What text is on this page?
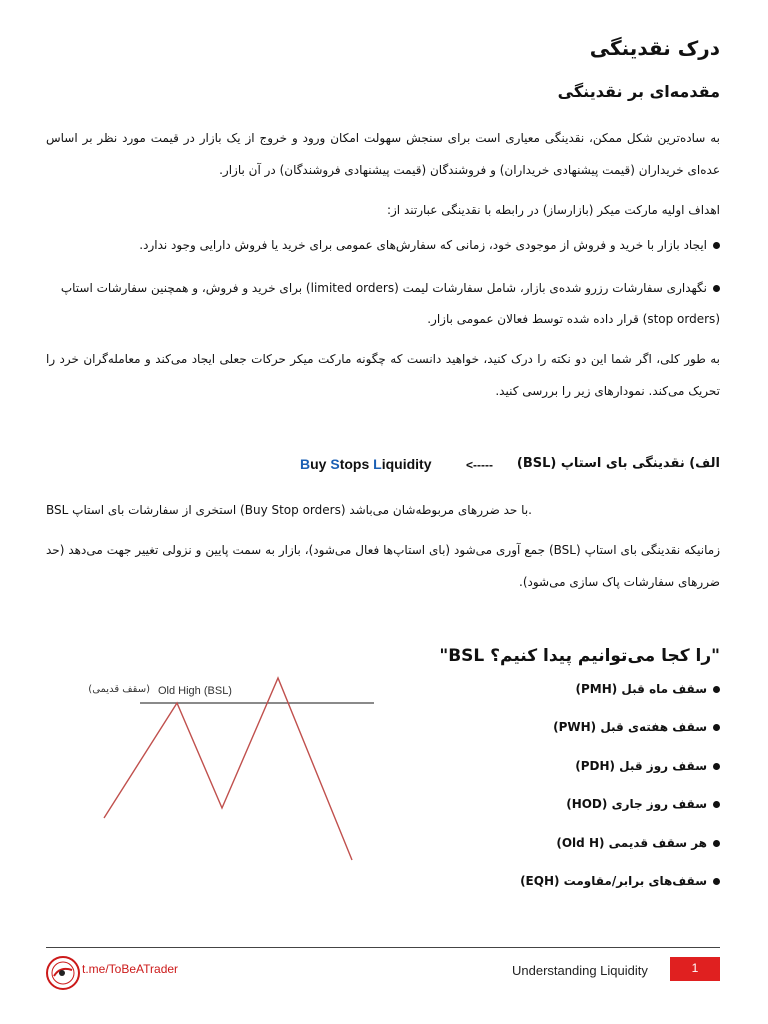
درک نقدینگی
مقدمه‌ای بر نقدینگی
به ساده‌ترین شکل ممکن، نقدینگی معیاری است برای سنجش سهولت امکان ورود و خروج از یک بازار در قیمت مورد نظر بر اساس عده‌ای خریداران (قیمت پیشنهادی خریداران) و فروشندگان (قیمت پیشنهادی فروشندگان) در آن بازار.
اهداف اولیه مارکت میکر (بازارساز) در رابطه با نقدینگی عبارتند از:
ایجاد بازار با خرید و فروش از موجودی خود، زمانی که سفارش‌های عمومی برای خرید یا فروش دارایی وجود ندارد.
نگهداری سفارشات رزرو شده‌ی بازار، شامل سفارشات لیمت (limited orders) برای خرید و فروش، و همچنین سفارشات استاپ (stop orders) قرار داده شده توسط فعالان عمومی بازار.
به طور کلی، اگر شما این دو نکته را درک کنید، خواهید دانست که چگونه مارکت میکر حرکات جعلی ایجاد می‌کند و معامله‌گران خرد را تحریک می‌کند. نمودارهای زیر را بررسی کنید.
الف) نقدینگی بای استاپ (BSL)
<-----
Buy Stops Liquidity
BSL استخری از سفارشات بای استاپ (Buy Stop orders) با حد ضررهای مربوطه‌شان می‌باشد.
زمانیکه نقدینگی بای استاپ (BSL) جمع آوری می‌شود (بای استاپ‌ها فعال می‌شود)، بازار به سمت پایین و نزولی تغییر جهت می‌دهد (حد ضررهای سفارشات پاک سازی می‌شود).
"BSL را کجا می‌توانیم پیدا کنیم؟"
سقف ماه قبل (PMH)
سقف هفته‌ی قبل (PWH)
سقف روز قبل (PDH)
سقف روز جاری (HOD)
هر سقف قدیمی (Old H)
سقف‌های برابر/مقاومت (EQH)
Old High (BSL)
(سقف قدیمی)
t.me/ToBeATrader	Understanding Liquidity	1
